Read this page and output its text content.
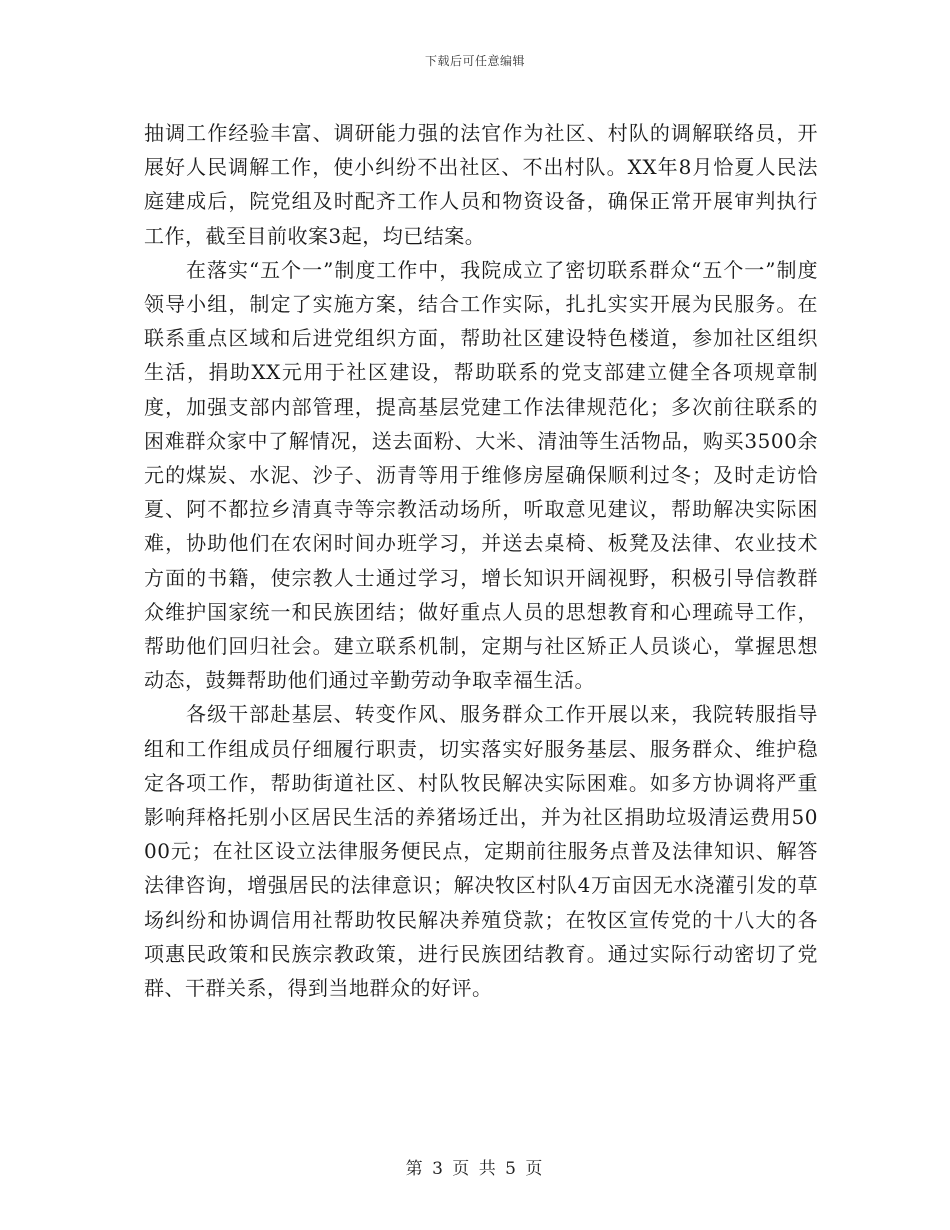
下载后可任意编辑

抽调工作经验丰富、调研能力强的法官作为社区、村队的调解联络员，开展好人民调解工作，使小纠纷不出社区、不出村队。XX年8月恰夏人民法庭建成后，院党组及时配齐工作人员和物资设备，确保正常开展审判执行工作，截至目前收案3起，均已结案。

在落实“五个一”制度工作中，我院成立了密切联系群众“五个一”制度领导小组，制定了实施方案，结合工作实际，扎扎实实开展为民服务。在联系重点区域和后进党组织方面，帮助社区建设特色楼道，参加社区组织生活，捐助XX元用于社区建设，帮助联系的党支部建立健全各项规章制度，加强支部内部管理，提高基层党建工作法律规范化；多次前往联系的困难群众家中了解情况，送去面粉、大米、清油等生活物品，购买3500余元的煤炭、水泥、沙子、沥青等用于维修房屋确保顺利过冬；及时走访恰夏、阿不都拉乡清真寺等宗教活动场所，听取意见建议，帮助解决实际困难，协助他们在农闲时间办班学习，并送去桌椅、板凳及法律、农业技术方面的书籍，使宗教人士通过学习，增长知识开阔视野，积极引导信教群众维护国家统一和民族团结；做好重点人员的思想教育和心理疏导工作，帮助他们回归社会。建立联系机制，定期与社区矫正人员谈心，掌握思想动态，鼓舞帮助他们通过辛勤劳动争取幸福生活。

各级干部赴基层、转变作风、服务群众工作开展以来，我院转服指导组和工作组成员仔细履行职责，切实落实好服务基层、服务群众、维护稳定各项工作，帮助街道社区、村队牧民解决实际困难。如多方协调将严重影响拜格托别小区居民生活的养猪场迁出，并为社区捐助垃圾清运费用5000元；在社区设立法律服务便民点，定期前往服务点普及法律知识、解答法律咨询，增强居民的法律意识；解决牧区村队4万亩因无水浇灌引发的草场纠纷和协调信用社帮助牧民解决养殖贷款；在牧区宣传党的十八大的各项惠民政策和民族宗教政策，进行民族团结教育。通过实际行动密切了党群、干群关系，得到当地群众的好评。

第 3 页 共 5 页
